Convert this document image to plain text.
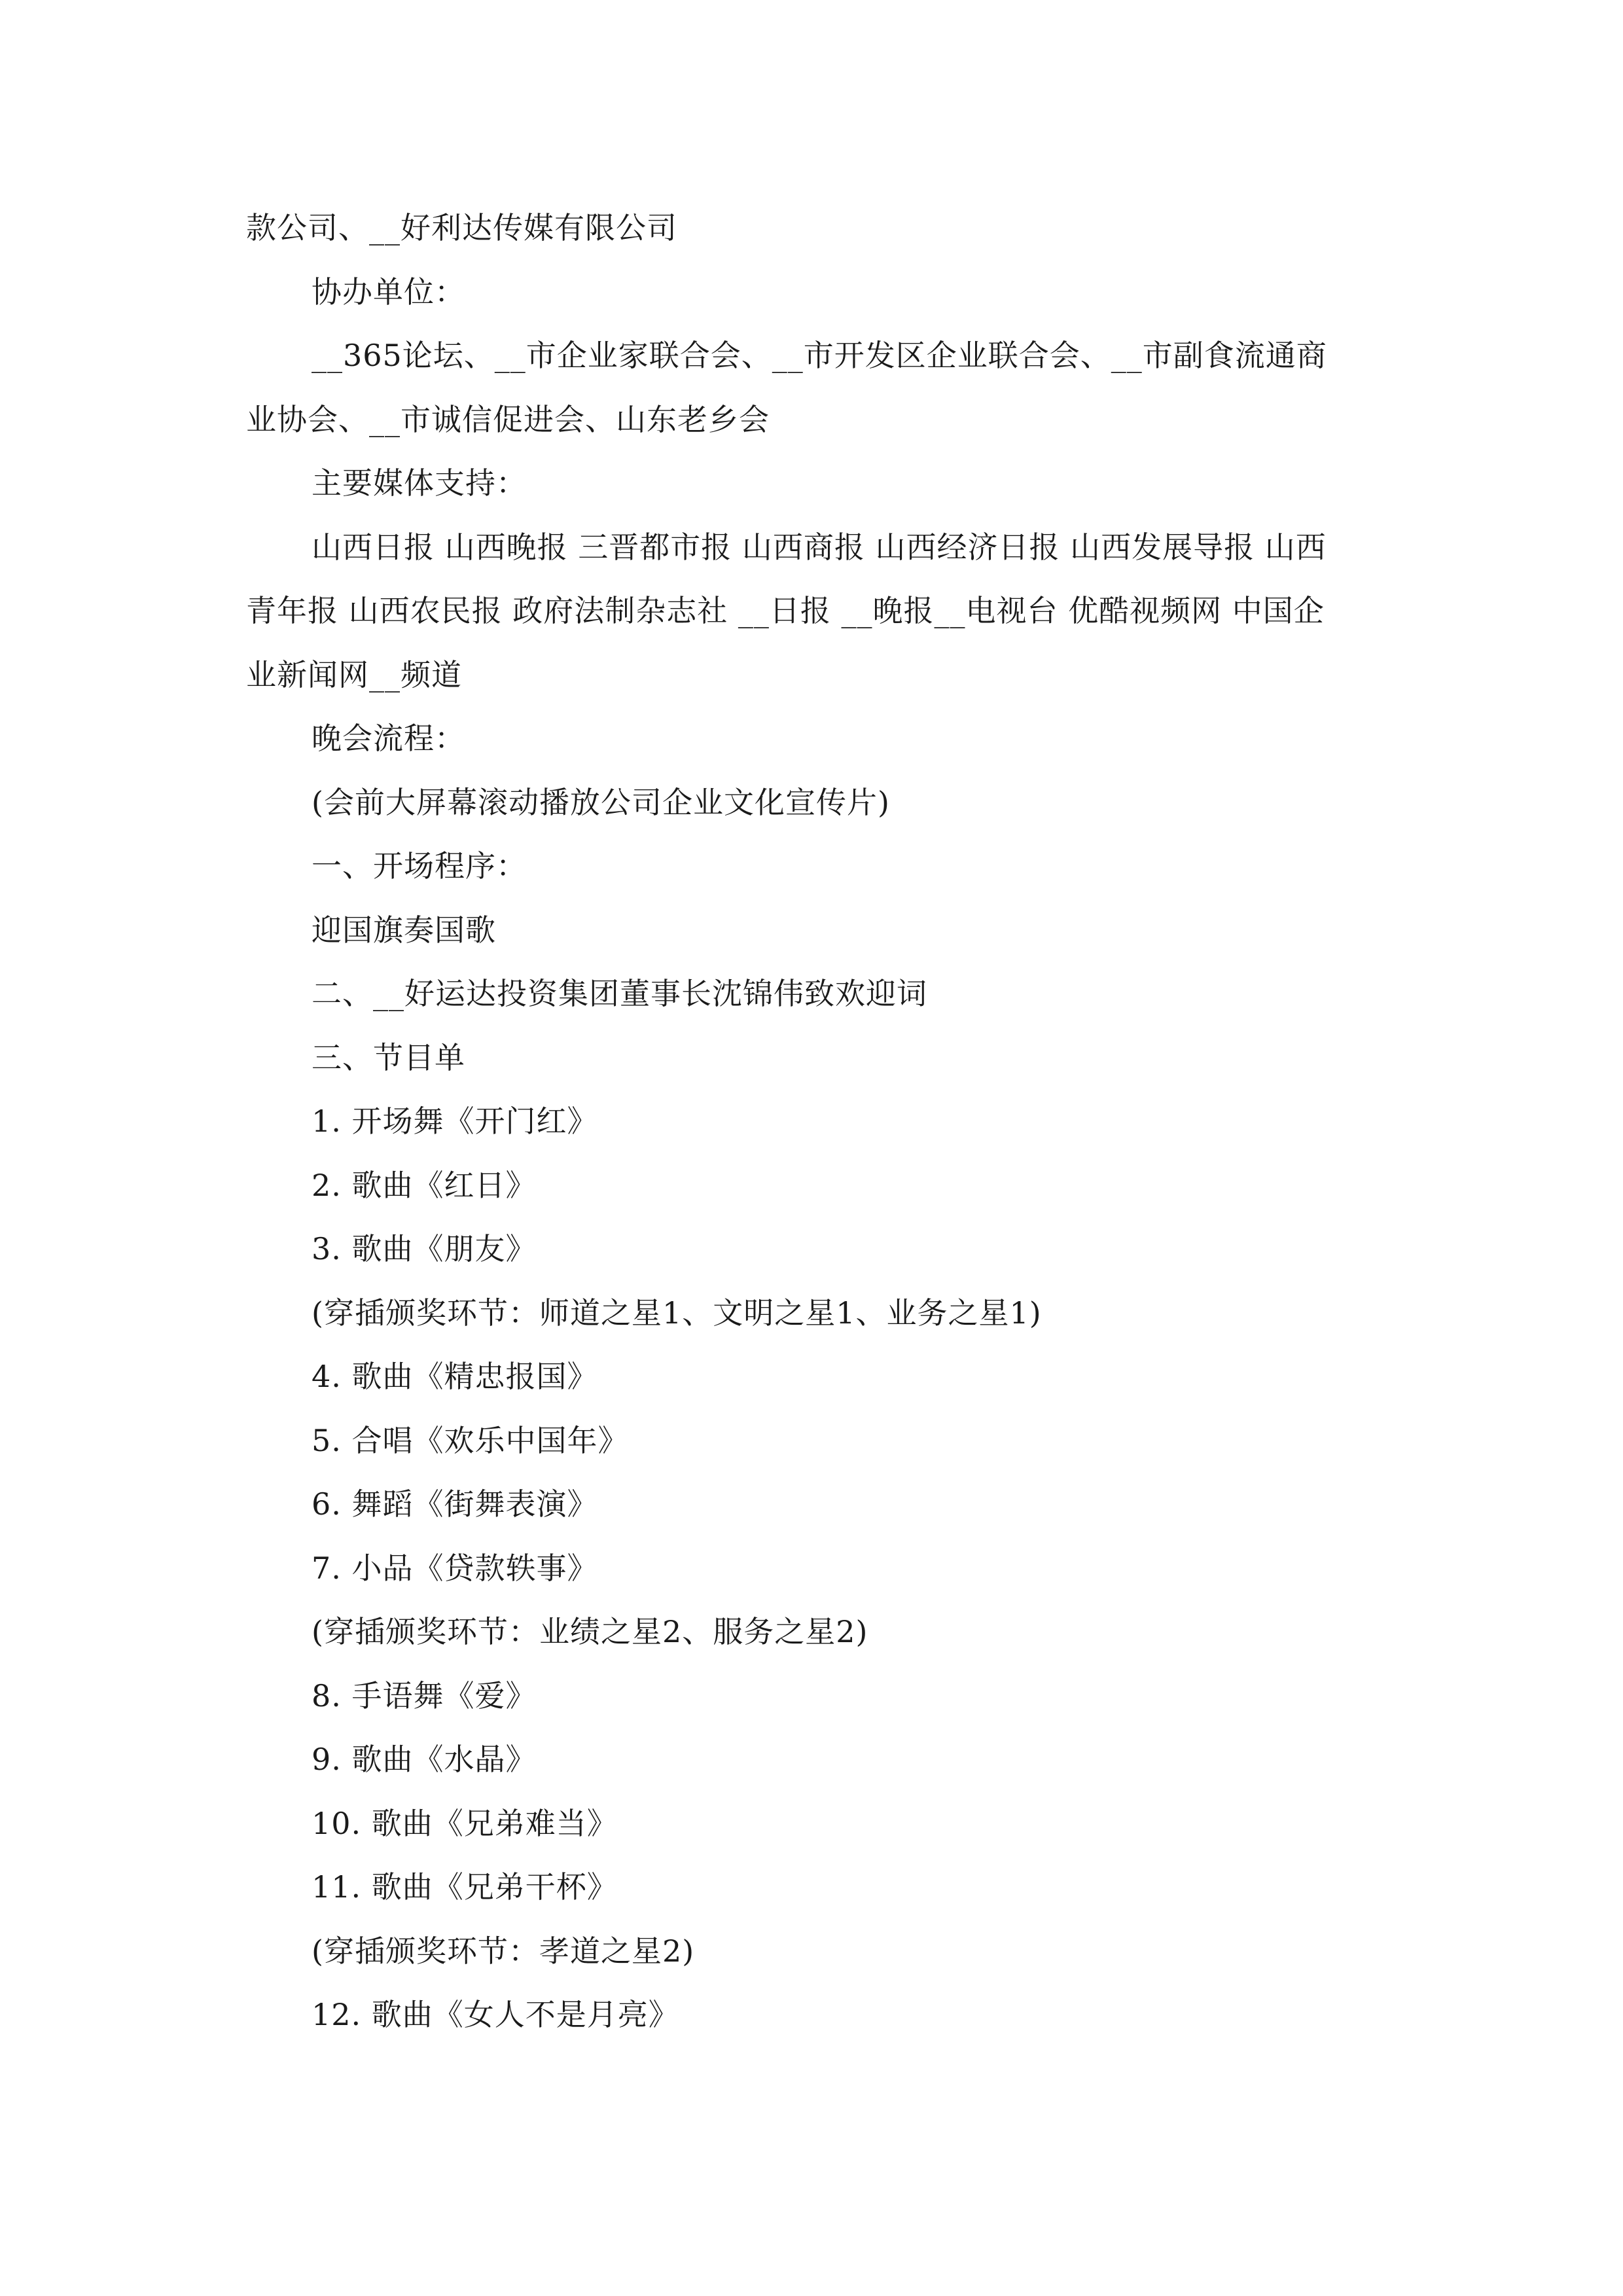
款公司、__好利达传媒有限公司
协办单位：
__365论坛、__市企业家联合会、__市开发区企业联合会、__市副食流通商
业协会、__市诚信促进会、山东老乡会
主要媒体支持：
山西日报 山西晚报 三晋都市报 山西商报 山西经济日报 山西发展导报 山西
青年报 山西农民报 政府法制杂志社 __日报 __晚报__电视台 优酷视频网 中国企
业新闻网__频道
晚会流程：
(会前大屏幕滚动播放公司企业文化宣传片)
一、开场程序：
迎国旗奏国歌
二、__好运达投资集团董事长沈锦伟致欢迎词
三、节目单
1. 开场舞《开门红》
2. 歌曲《红日》
3. 歌曲《朋友》
(穿插颁奖环节：师道之星1、文明之星1、业务之星1)
4. 歌曲《精忠报国》
5. 合唱《欢乐中国年》
6. 舞蹈《街舞表演》
7. 小品《贷款轶事》
(穿插颁奖环节：业绩之星2、服务之星2)
8. 手语舞《爱》
9. 歌曲《水晶》
10. 歌曲《兄弟难当》
11. 歌曲《兄弟干杯》
(穿插颁奖环节：孝道之星2)
12. 歌曲《女人不是月亮》
